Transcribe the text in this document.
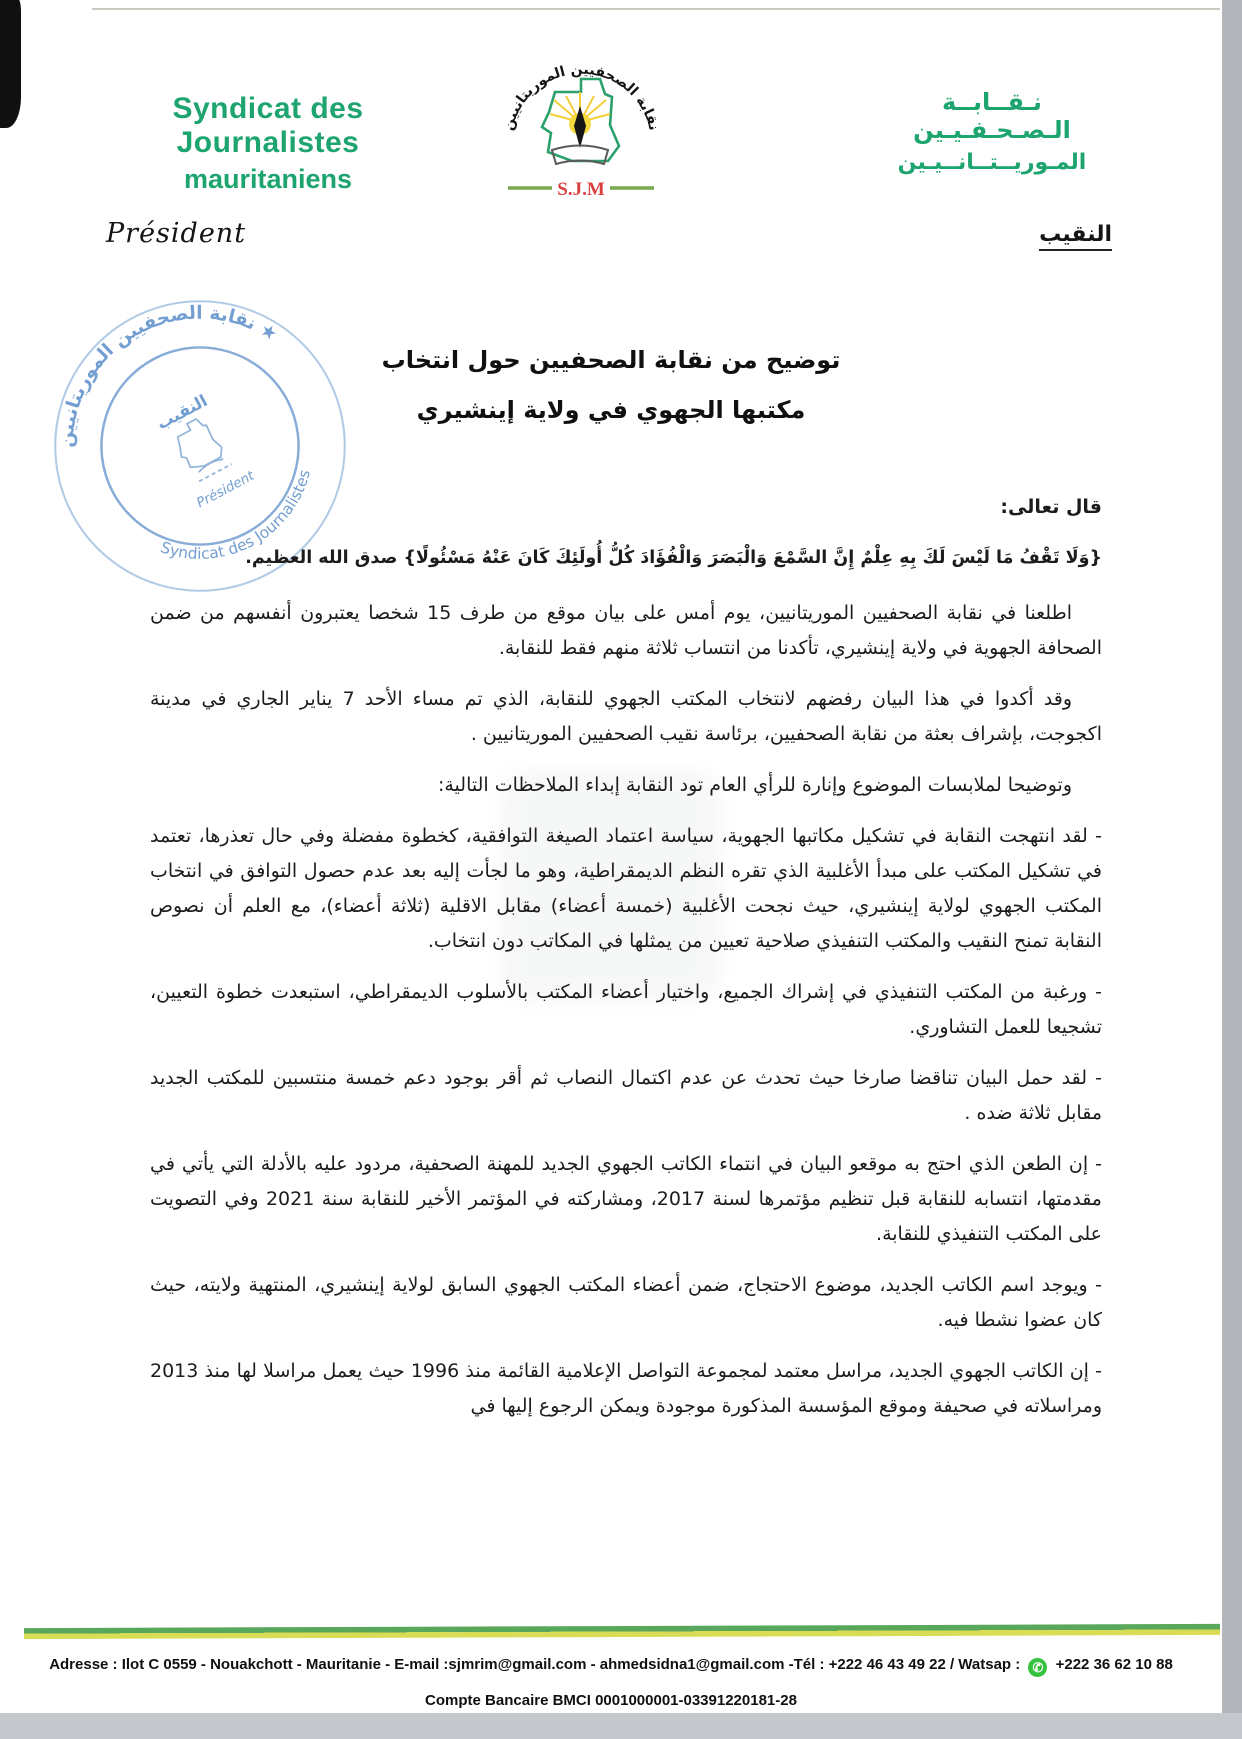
Syndicat des Journalistes
mauritaniens
نقابة الصحفيين الموريتانيين
S.J.M
نـقــابــة الـصـحـفـيـين
المـوريــتــانــيـين
Président	النقيب
نقابة الصحفيين الموريتانيين ★
Syndicat des Journalistes
النقيب
Président
توضيح من نقابة الصحفيين حول انتخاب
مكتبها الجهوي في ولاية إينشيري

قال تعالى:

{وَلَا تَقْفُ مَا لَيْسَ لَكَ بِهِ عِلْمٌ إِنَّ السَّمْعَ وَالْبَصَرَ وَالْفُؤَادَ كُلُّ أُولَئِكَ كَانَ عَنْهُ مَسْئُولًا} صدق الله العظيم.

اطلعنا في نقابة الصحفيين الموريتانيين، يوم أمس على بيان موقع من طرف 15 شخصا يعتبرون أنفسهم من ضمن الصحافة الجهوية في ولاية إينشيري، تأكدنا من انتساب ثلاثة منهم فقط للنقابة.

وقد أكدوا في هذا البيان رفضهم لانتخاب المكتب الجهوي للنقابة، الذي تم مساء الأحد 7 يناير الجاري في مدينة اكجوجت، بإشراف بعثة من نقابة الصحفيين، برئاسة نقيب الصحفيين الموريتانيين .

وتوضيحا لملابسات الموضوع وإنارة للرأي العام تود النقابة إبداء الملاحظات التالية:

- لقد انتهجت النقابة في تشكيل مكاتبها الجهوية، سياسة اعتماد الصيغة التوافقية، كخطوة مفضلة وفي حال تعذرها، تعتمد في تشكيل المكتب على مبدأ الأغلبية الذي تقره النظم الديمقراطية، وهو ما لجأت إليه بعد عدم حصول التوافق في انتخاب المكتب الجهوي لولاية إينشيري، حيث نجحت الأغلبية (خمسة أعضاء) مقابل الاقلية (ثلاثة أعضاء)، مع العلم أن نصوص النقابة تمنح النقيب والمكتب التنفيذي صلاحية تعيين من يمثلها في المكاتب دون انتخاب.

- ورغبة من المكتب التنفيذي في إشراك الجميع، واختيار أعضاء المكتب بالأسلوب الديمقراطي، استبعدت خطوة التعيين، تشجيعا للعمل التشاوري.

- لقد حمل البيان تناقضا صارخا حيث تحدث عن عدم اكتمال النصاب ثم أقر بوجود دعم خمسة منتسبين للمكتب الجديد مقابل ثلاثة ضده .

- إن الطعن الذي احتج به موقعو البيان في انتماء الكاتب الجهوي الجديد للمهنة الصحفية، مردود عليه بالأدلة التي يأتي في مقدمتها، انتسابه للنقابة قبل تنظيم مؤتمرها لسنة 2017، ومشاركته في المؤتمر الأخير للنقابة سنة 2021 وفي التصويت على المكتب التنفيذي للنقابة.

- ويوجد اسم الكاتب الجديد، موضوع الاحتجاج، ضمن أعضاء المكتب الجهوي السابق لولاية إينشيري، المنتهية ولايته، حيث كان عضوا نشطا فيه.

- إن الكاتب الجهوي الجديد، مراسل معتمد لمجموعة التواصل الإعلامية القائمة منذ 1996 حيث يعمل مراسلا لها منذ 2013 ومراسلاته في صحيفة وموقع المؤسسة المذكورة موجودة ويمكن الرجوع إليها في

Adresse : Ilot C 0559 - Nouakchott - Mauritanie - E-mail :sjmrim@gmail.com - ahmedsidna1@gmail.com -Tél : +222 46 43 49 22 / Watsap : ✆ +222 36 62 10 88
Compte Bancaire BMCI 0001000001-03391220181-28
